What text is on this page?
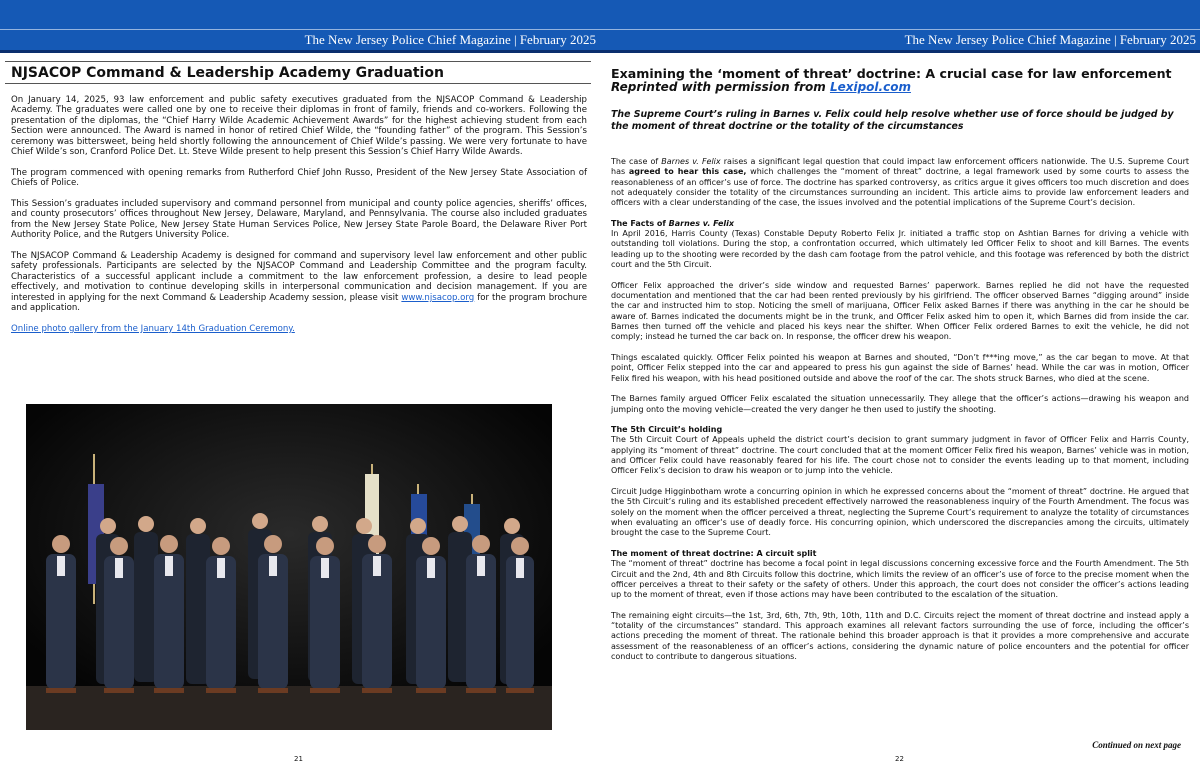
The New Jersey Police Chief Magazine | February 2025
NJSACOP Command & Leadership Academy Graduation

On January 14, 2025, 93 law enforcement and public safety executives graduated from the NJSACOP Command & Leadership Academy. The graduates were called one by one to receive their diplomas in front of family, friends and co-workers. Following the presentation of the diplomas, the “Chief Harry Wilde Academic Achievement Awards” for the highest achieving student from each Section were announced. The Award is named in honor of retired Chief Wilde, the “founding father” of the program. This Session’s ceremony was bittersweet, being held shortly following the announcement of Chief Wilde’s passing. We were very fortunate to have Chief Wilde’s son, Cranford Police Det. Lt. Steve Wilde present to help present this Session’s Chief Harry Wilde Awards.

The program commenced with opening remarks from Rutherford Chief John Russo, President of the New Jersey State Association of Chiefs of Police.

This Session’s graduates included supervisory and command personnel from municipal and county police agencies, sheriffs’ offices, and county prosecutors’ offices throughout New Jersey, Delaware, Maryland, and Pennsylvania. The course also included graduates from the New Jersey State Police, New Jersey State Human Services Police, New Jersey State Parole Board, the Delaware River Port Authority Police, and the Rutgers University Police.

The NJSACOP Command & Leadership Academy is designed for command and supervisory level law enforcement and other public safety professionals. Participants are selected by the NJSACOP Command and Leadership Committee and the program faculty. Characteristics of a successful applicant include a commitment to the law enforcement profession, a desire to lead people effectively, and motivation to continue developing skills in interpersonal communication and decision management. If you are interested in applying for the next Command & Leadership Academy session, please visit www.njsacop.org for the program brochure and application.

Online photo gallery from the January 14th Graduation Ceremony.

21
The New Jersey Police Chief Magazine | February 2025
Examining the ‘moment of threat’ doctrine: A crucial case for law enforcement
Reprinted with permission from Lexipol.com

The Supreme Court’s ruling in Barnes v. Felix could help resolve whether use of force should be judged by the moment of threat doctrine or the totality of the circumstances

The case of Barnes v. Felix raises a significant legal question that could impact law enforcement officers nationwide. The U.S. Supreme Court has agreed to hear this case, which challenges the “moment of threat” doctrine, a legal framework used by some courts to assess the reasonableness of an officer’s use of force. The doctrine has sparked controversy, as critics argue it gives officers too much discretion and does not adequately consider the totality of the circumstances surrounding an incident. This article aims to provide law enforcement leaders and officers with a clear understanding of the case, the issues involved and the potential implications of the Supreme Court’s decision.

The Facts of Barnes v. Felix

In April 2016, Harris County (Texas) Constable Deputy Roberto Felix Jr. initiated a traffic stop on Ashtian Barnes for driving a vehicle with outstanding toll violations. During the stop, a confrontation occurred, which ultimately led Officer Felix to shoot and kill Barnes. The events leading up to the shooting were recorded by the dash cam footage from the patrol vehicle, and this footage was referenced by both the district court and the 5th Circuit.

Officer Felix approached the driver’s side window and requested Barnes’ paperwork. Barnes replied he did not have the requested documentation and mentioned that the car had been rented previously by his girlfriend. The officer observed Barnes “digging around” inside the car and instructed him to stop. Noticing the smell of marijuana, Officer Felix asked Barnes if there was anything in the car he should be aware of. Barnes indicated the documents might be in the trunk, and Officer Felix asked him to open it, which Barnes did from inside the car. Barnes then turned off the vehicle and placed his keys near the shifter. When Officer Felix ordered Barnes to exit the vehicle, he did not comply; instead he turned the car back on. In response, the officer drew his weapon.

Things escalated quickly. Officer Felix pointed his weapon at Barnes and shouted, “Don’t f***ing move,” as the car began to move. At that point, Officer Felix stepped into the car and appeared to press his gun against the side of Barnes’ head. While the car was in motion, Officer Felix fired his weapon, with his head positioned outside and above the roof of the car. The shots struck Barnes, who died at the scene.

The Barnes family argued Officer Felix escalated the situation unnecessarily. They allege that the officer’s actions—drawing his weapon and jumping onto the moving vehicle—created the very danger he then used to justify the shooting.

The 5th Circuit’s holding

The 5th Circuit Court of Appeals upheld the district court’s decision to grant summary judgment in favor of Officer Felix and Harris County, applying its “moment of threat” doctrine. The court concluded that at the moment Officer Felix fired his weapon, Barnes’ vehicle was in motion, and Officer Felix could have reasonably feared for his life. The court chose not to consider the events leading up to that moment, including Officer Felix’s decision to draw his weapon or to jump into the vehicle.

Circuit Judge Higginbotham wrote a concurring opinion in which he expressed concerns about the “moment of threat” doctrine. He argued that the 5th Circuit’s ruling and its established precedent effectively narrowed the reasonableness inquiry of the Fourth Amendment. The focus was solely on the moment when the officer perceived a threat, neglecting the Supreme Court’s requirement to analyze the totality of circumstances when evaluating an officer’s use of deadly force. His concurring opinion, which underscored the discrepancies among the circuits, ultimately brought the case to the Supreme Court.

The moment of threat doctrine: A circuit split

The “moment of threat” doctrine has become a focal point in legal discussions concerning excessive force and the Fourth Amendment. The 5th Circuit and the 2nd, 4th and 8th Circuits follow this doctrine, which limits the review of an officer’s use of force to the precise moment when the officer perceives a threat to their safety or the safety of others. Under this approach, the court does not consider the officer’s actions leading up to the moment of threat, even if those actions may have been contributed to the escalation of the situation.

The remaining eight circuits—the 1st, 3rd, 6th, 7th, 9th, 10th, 11th and D.C. Circuits reject the moment of threat doctrine and instead apply a “totality of the circumstances” standard. This approach examines all relevant factors surrounding the use of force, including the officer’s actions preceding the moment of threat. The rationale behind this broader approach is that it provides a more comprehensive and accurate assessment of the reasonableness of an officer’s actions, considering the dynamic nature of police encounters and the potential for officer conduct to contribute to dangerous situations.

Continued on next page
22
